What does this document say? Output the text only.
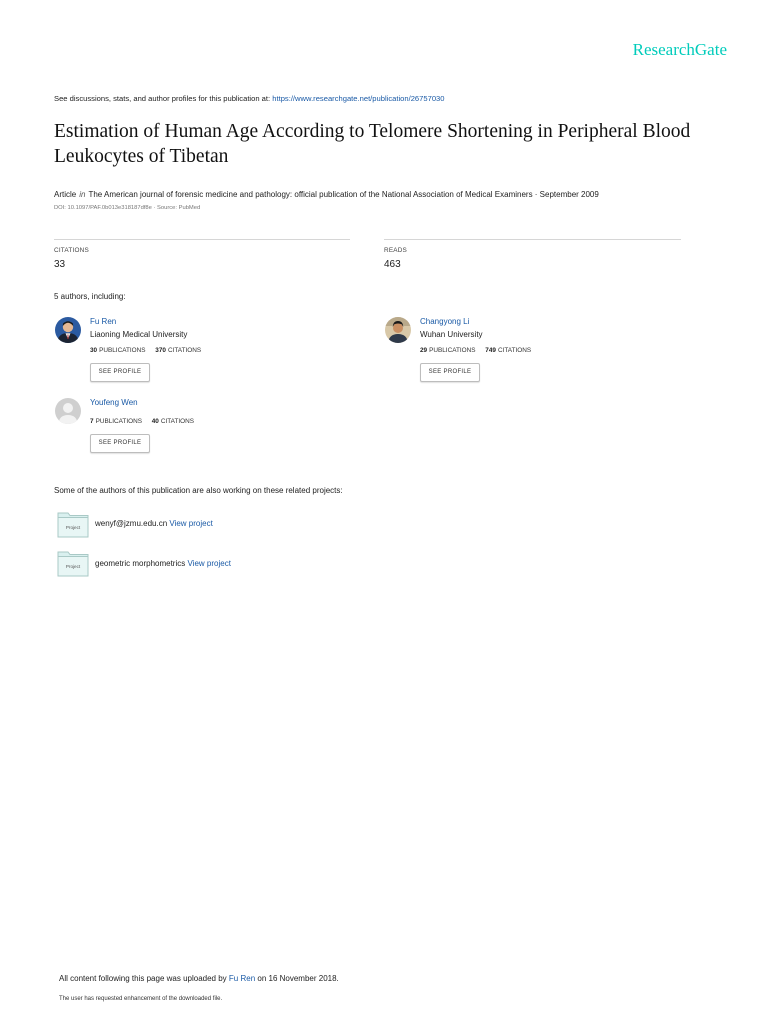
ResearchGate
See discussions, stats, and author profiles for this publication at: https://www.researchgate.net/publication/26757030
Estimation of Human Age According to Telomere Shortening in Peripheral Blood Leukocytes of Tibetan
Article in The American journal of forensic medicine and pathology: official publication of the National Association of Medical Examiners · September 2009
DOI: 10.1097/PAF.0b013e318187df8e · Source: PubMed
CITATIONS
33
READS
463
5 authors, including:
Fu Ren
Liaoning Medical University
30 PUBLICATIONS 370 CITATIONS
SEE PROFILE
Changyong Li
Wuhan University
29 PUBLICATIONS 749 CITATIONS
SEE PROFILE
Youfeng Wen
7 PUBLICATIONS 40 CITATIONS
SEE PROFILE
Some of the authors of this publication are also working on these related projects:
Project wenyf@jzmu.edu.cn View project
Project geometric morphometrics View project
All content following this page was uploaded by Fu Ren on 16 November 2018.
The user has requested enhancement of the downloaded file.
